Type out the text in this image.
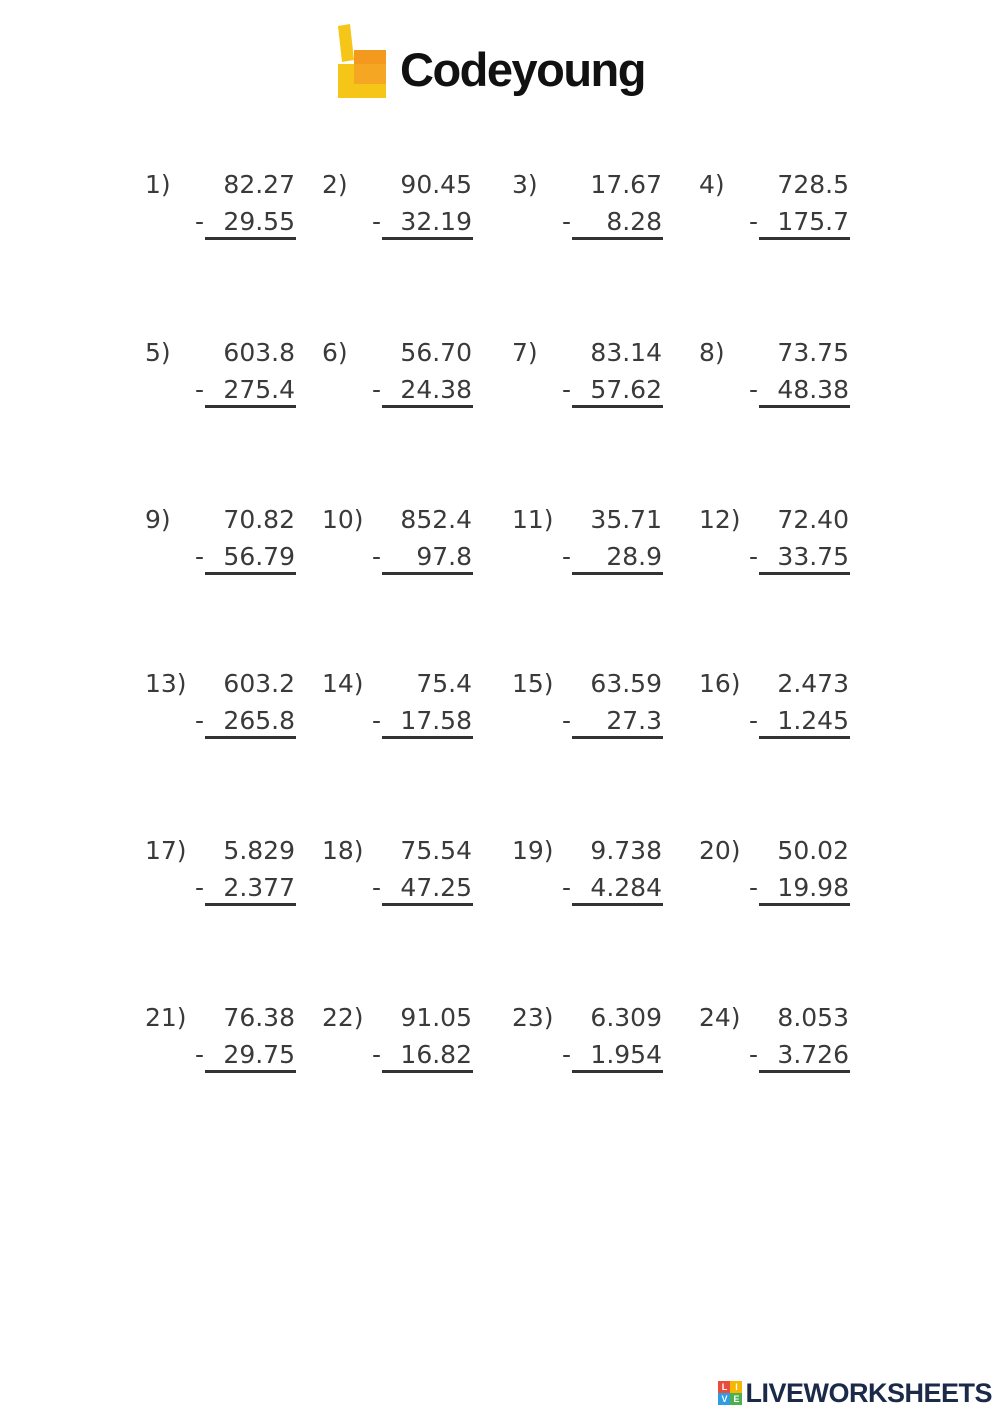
Codeyoung
1) 82.27
- 29.55
2) 90.45
- 32.19
3) 17.67
- 8.28
4) 728.5
- 175.7
5) 603.8
- 275.4
6) 56.70
- 24.38
7) 83.14
- 57.62
8) 73.75
- 48.38
9) 70.82
- 56.79
10) 852.4
- 97.8
11) 35.71
- 28.9
12) 72.40
- 33.75
13) 603.2
- 265.8
14) 75.4
- 17.58
15) 63.59
- 27.3
16) 2.473
- 1.245
17) 5.829
- 2.377
18) 75.54
- 47.25
19) 9.738
- 4.284
20) 50.02
- 19.98
21) 76.38
- 29.75
22) 91.05
- 16.82
23) 6.309
- 1.954
24) 8.053
- 3.726
L I
V E LIVEWORKSHEETS
